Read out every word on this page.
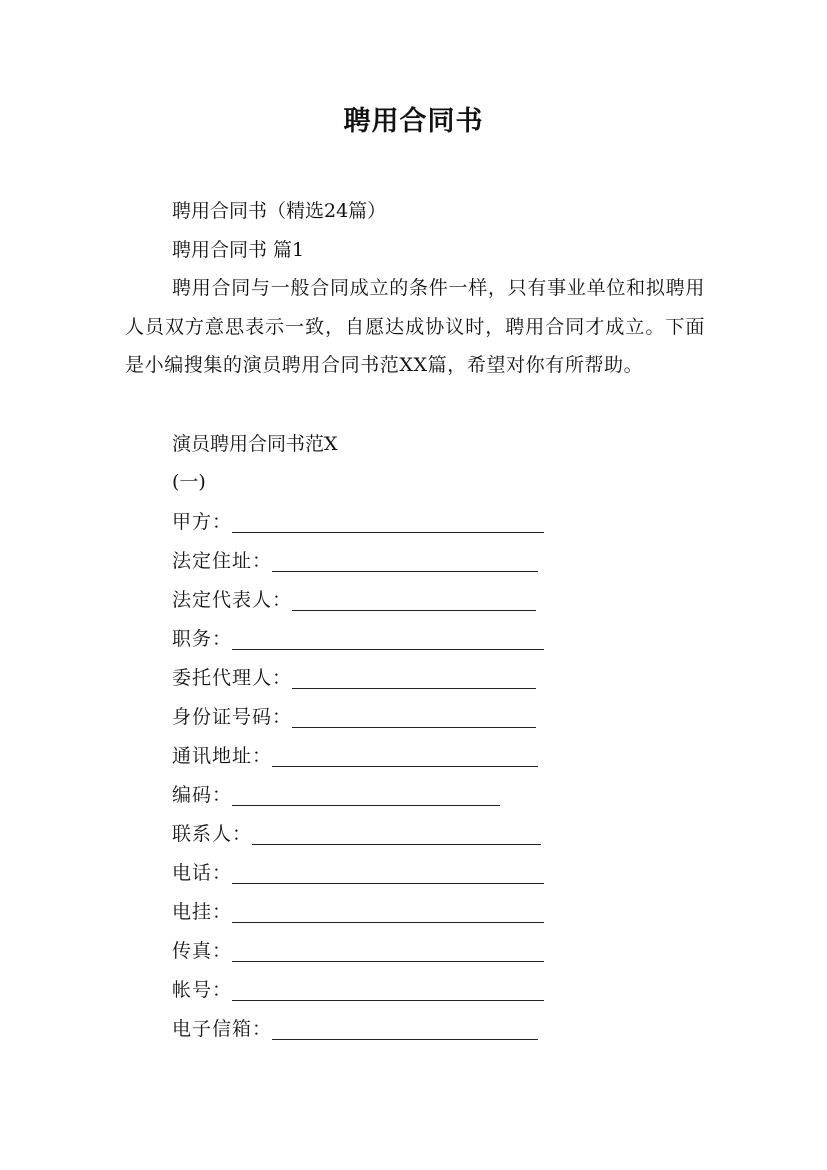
聘用合同书
聘用合同书（精选24篇）
聘用合同书 篇1
聘用合同与一般合同成立的条件一样，只有事业单位和拟聘用人员双方意思表示一致，自愿达成协议时，聘用合同才成立。下面是小编搜集的演员聘用合同书范XX篇，希望对你有所帮助。
演员聘用合同书范X
(一)
甲方：
法定住址：
法定代表人：
职务：
委托代理人：
身份证号码：
通讯地址：
编码：
联系人：
电话：
电挂：
传真：
帐号：
电子信箱：
